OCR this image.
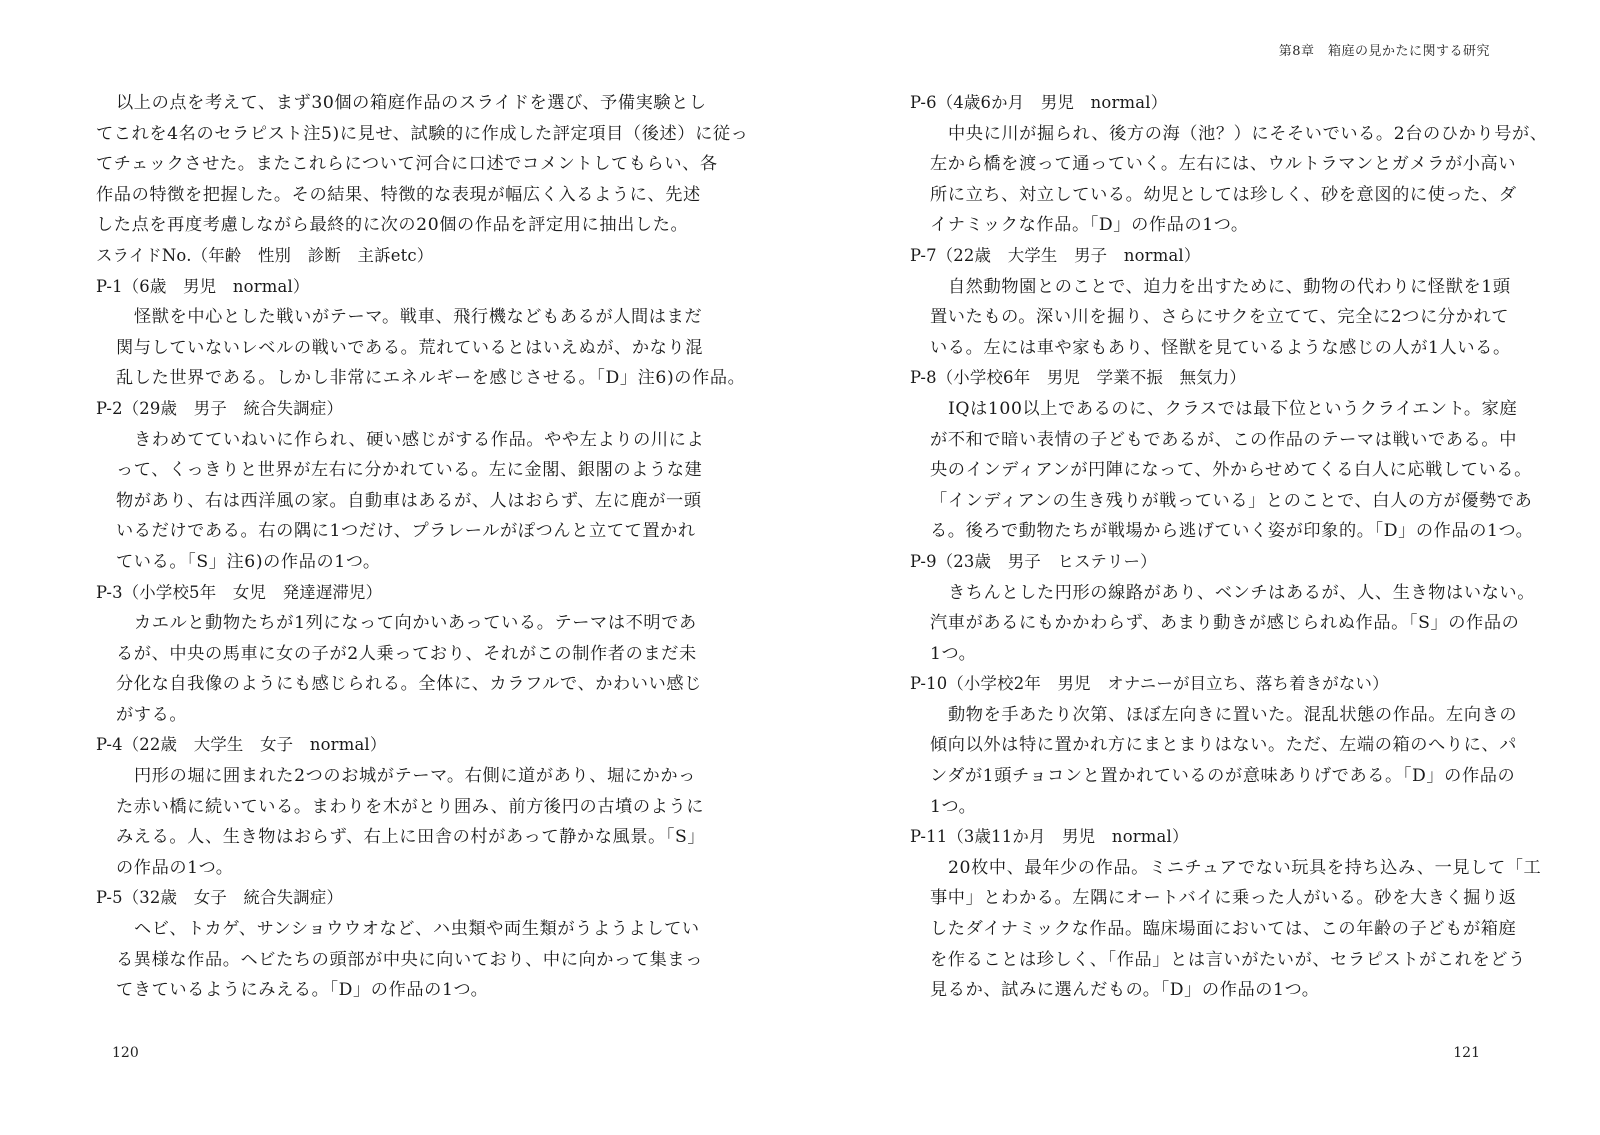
以上の点を考えて、まず30個の箱庭作品のスライドを選び、予備実験とし
てこれを4名のセラピスト注5)に見せ、試験的に作成した評定項目（後述）に従っ
てチェックさせた。またこれらについて河合に口述でコメントしてもらい、各
作品の特徴を把握した。その結果、特徴的な表現が幅広く入るように、先述
した点を再度考慮しながら最終的に次の20個の作品を評定用に抽出した。
スライドNo.（年齢　性別　診断　主訴etc）
P-1（6歳　男児　normal）
怪獣を中心とした戦いがテーマ。戦車、飛行機などもあるが人間はまだ
関与していないレベルの戦いである。荒れているとはいえぬが、かなり混
乱した世界である。しかし非常にエネルギーを感じさせる。「D」注6)の作品。
P-2（29歳　男子　統合失調症）
きわめてていねいに作られ、硬い感じがする作品。やや左よりの川によ
って、くっきりと世界が左右に分かれている。左に金閣、銀閣のような建
物があり、右は西洋風の家。自動車はあるが、人はおらず、左に鹿が一頭
いるだけである。右の隅に1つだけ、プラレールがぽつんと立てて置かれ
ている。「S」注6)の作品の1つ。
P-3（小学校5年　女児　発達遅滞児）
カエルと動物たちが1列になって向かいあっている。テーマは不明であ
るが、中央の馬車に女の子が2人乗っており、それがこの制作者のまだ未
分化な自我像のようにも感じられる。全体に、カラフルで、かわいい感じ
がする。
P-4（22歳　大学生　女子　normal）
円形の堀に囲まれた2つのお城がテーマ。右側に道があり、堀にかかっ
た赤い橋に続いている。まわりを木がとり囲み、前方後円の古墳のように
みえる。人、生き物はおらず、右上に田舎の村があって静かな風景。「S」
の作品の1つ。
P-5（32歳　女子　統合失調症）
ヘビ、トカゲ、サンショウウオなど、ハ虫類や両生類がうようよしてい
る異様な作品。ヘビたちの頭部が中央に向いており、中に向かって集まっ
てきているようにみえる。「D」の作品の1つ。
120
第8章　箱庭の見かたに関する研究
P-6（4歳6か月　男児　normal）
中央に川が掘られ、後方の海（池？）にそそいでいる。2台のひかり号が、
左から橋を渡って通っていく。左右には、ウルトラマンとガメラが小高い
所に立ち、対立している。幼児としては珍しく、砂を意図的に使った、ダ
イナミックな作品。「D」の作品の1つ。
P-7（22歳　大学生　男子　normal）
自然動物園とのことで、迫力を出すために、動物の代わりに怪獣を1頭
置いたもの。深い川を掘り、さらにサクを立てて、完全に2つに分かれて
いる。左には車や家もあり、怪獣を見ているような感じの人が1人いる。
P-8（小学校6年　男児　学業不振　無気力）
IQは100以上であるのに、クラスでは最下位というクライエント。家庭
が不和で暗い表情の子どもであるが、この作品のテーマは戦いである。中
央のインディアンが円陣になって、外からせめてくる白人に応戦している。
「インディアンの生き残りが戦っている」とのことで、白人の方が優勢であ
る。後ろで動物たちが戦場から逃げていく姿が印象的。「D」の作品の1つ。
P-9（23歳　男子　ヒステリー）
きちんとした円形の線路があり、ベンチはあるが、人、生き物はいない。
汽車があるにもかかわらず、あまり動きが感じられぬ作品。「S」の作品の
1つ。
P-10（小学校2年　男児　オナニーが目立ち、落ち着きがない）
動物を手あたり次第、ほぼ左向きに置いた。混乱状態の作品。左向きの
傾向以外は特に置かれ方にまとまりはない。ただ、左端の箱のへりに、パ
ンダが1頭チョコンと置かれているのが意味ありげである。「D」の作品の
1つ。
P-11（3歳11か月　男児　normal）
20枚中、最年少の作品。ミニチュアでない玩具を持ち込み、一見して「工
事中」とわかる。左隅にオートバイに乗った人がいる。砂を大きく掘り返
したダイナミックな作品。臨床場面においては、この年齢の子どもが箱庭
を作ることは珍しく、「作品」とは言いがたいが、セラピストがこれをどう
見るか、試みに選んだもの。「D」の作品の1つ。
121
